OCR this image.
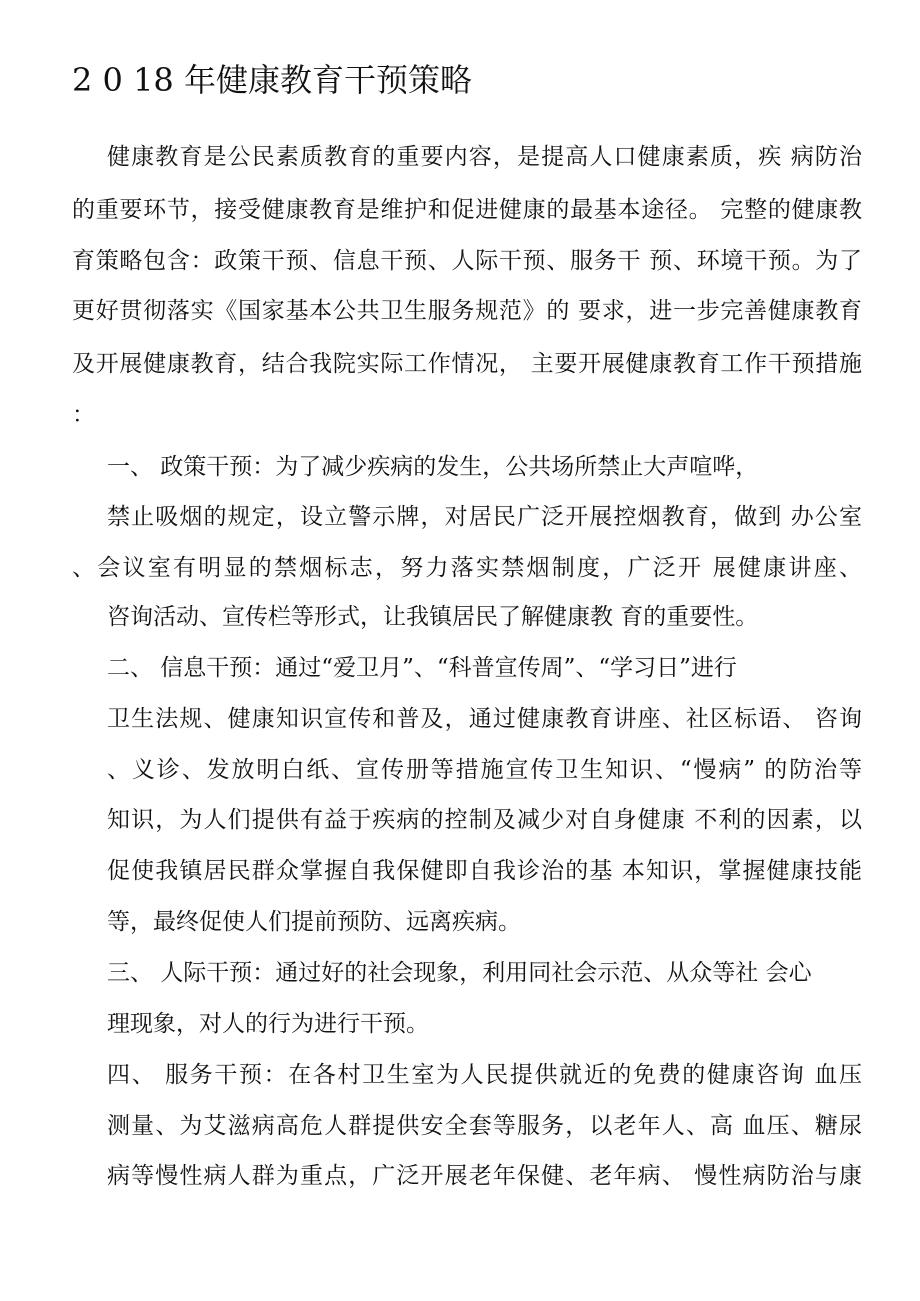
2 0 18 年健康教育干预策略
健康教育是公民素质教育的重要内容，是提高人口健康素质，疾 病防治
的重要环节，接受健康教育是维护和促进健康的最基本途径。 完整的健康教
育策略包含：政策干预、信息干预、人际干预、服务干 预、环境干预。为了
更好贯彻落实《国家基本公共卫生服务规范》的 要求，进一步完善健康教育
及开展健康教育，结合我院实际工作情况， 主要开展健康教育工作干预措施
：
一、 政策干预：为了减少疾病的发生，公共场所禁止大声喧哗，
禁止吸烟的规定，设立警示牌，对居民广泛开展控烟教育，做到 办公室
、会议室有明显的禁烟标志，努力落实禁烟制度，广泛开 展健康讲座、
咨询活动、宣传栏等形式，让我镇居民了解健康教 育的重要性。
二、 信息干预：通过“爱卫月”、“科普宣传周”、“学习日”进行
卫生法规、健康知识宣传和普及，通过健康教育讲座、社区标语、 咨询
、义诊、发放明白纸、宣传册等措施宣传卫生知识、“慢病” 的防治等
知识，为人们提供有益于疾病的控制及减少对自身健康 不利的因素，以
促使我镇居民群众掌握自我保健即自我诊治的基 本知识，掌握健康技能
等，最终促使人们提前预防、远离疾病。
三、 人际干预：通过好的社会现象，利用同社会示范、从众等社 会心
理现象，对人的行为进行干预。
四、 服务干预：在各村卫生室为人民提供就近的免费的健康咨询 血压
测量、为艾滋病高危人群提供安全套等服务，以老年人、高 血压、糖尿
病等慢性病人群为重点，广泛开展老年保健、老年病、 慢性病防治与康
